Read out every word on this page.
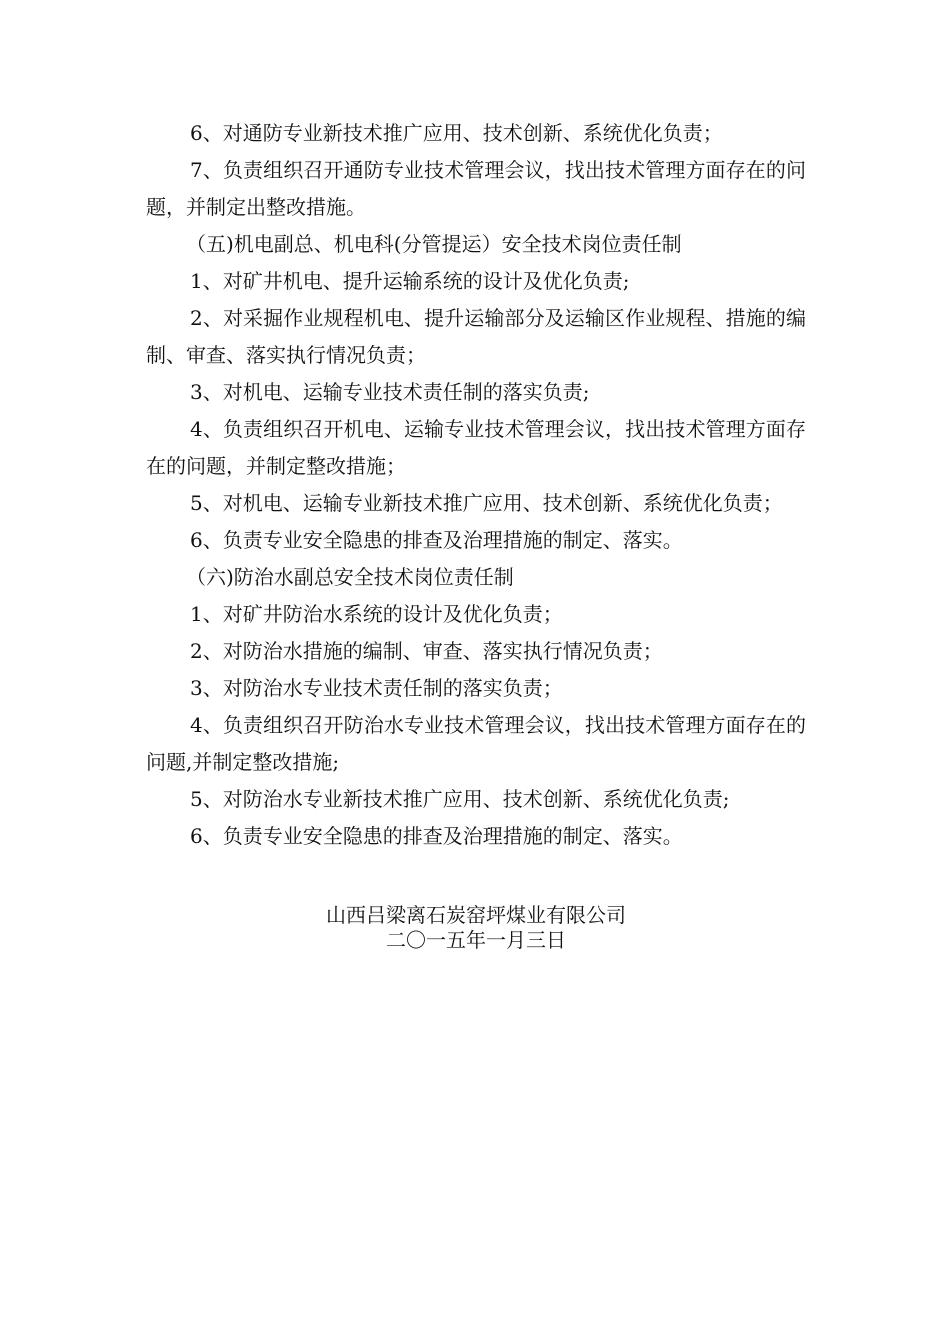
6、对通防专业新技术推广应用、技术创新、系统优化负责；

7、负责组织召开通防专业技术管理会议，找出技术管理方面存在的问题，并制定出整改措施。

（五)机电副总、机电科(分管提运）安全技术岗位责任制

1、对矿井机电、提升运输系统的设计及优化负责;

2、对采掘作业规程机电、提升运输部分及运输区作业规程、措施的编制、审查、落实执行情况负责；

3、对机电、运输专业技术责任制的落实负责;

4、负责组织召开机电、运输专业技术管理会议，找出技术管理方面存在的问题，并制定整改措施；

5、对机电、运输专业新技术推广应用、技术创新、系统优化负责；

6、负责专业安全隐患的排查及治理措施的制定、落实。

（六)防治水副总安全技术岗位责任制

1、对矿井防治水系统的设计及优化负责；

2、对防治水措施的编制、审查、落实执行情况负责；

3、对防治水专业技术责任制的落实负责；

4、负责组织召开防治水专业技术管理会议，找出技术管理方面存在的问题,并制定整改措施;

5、对防治水专业新技术推广应用、技术创新、系统优化负责;

6、负责专业安全隐患的排查及治理措施的制定、落实。

山西吕梁离石炭窑坪煤业有限公司
二〇一五年一月三日
